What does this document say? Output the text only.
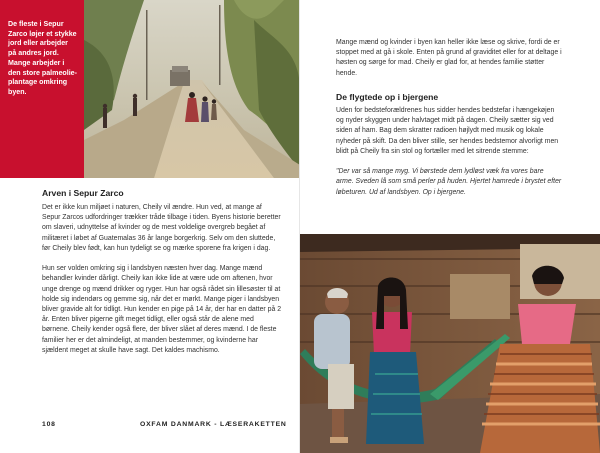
De fleste i Sepur Zarco løjer et stykke jord eller arbejder på andres jord. Mange arbejder i den store palmeolie-plantage omkring byen.
Arven i Sepur Zarco

Det er ikke kun miljøet i naturen, Cheily vil ændre. Hun ved, at mange af Sepur Zarcos udfordringer trækker tråde tilbage i tiden. Byens historie beretter om slaveri, udnyttelse af kvinder og de mest voldelige overgreb begået af militæret i løbet af Guatemalas 36 år lange borgerkrig. Selv om den sluttede, før Cheily blev født, kan hun tydeligt se og mærke sporene fra krigen i dag.

Hun ser volden omkring sig i landsbyen næsten hver dag. Mange mænd behandler kvinder dårligt. Cheily kan ikke lide at være ude om aftenen, hvor unge drenge og mænd drikker og ryger. Hun har også rådet sin lillesøster til at holde sig indendørs og gemme sig, når det er mørkt. Mange piger i landsbyen bliver gravide alt for tidligt. Hun kender en pige på 14 år, der har en datter på 2 år. Enten bliver pigerne gift meget tidligt, eller også står de alene med børnene. Cheily kender også flere, der bliver slået af deres mænd. I de fleste familier her er det almindeligt, at manden bestemmer, og kvinderne har sjældent meget at skulle have sagt. Det kaldes machismo.

108	OXFAM DANMARK - LÆSERAKETTEN

Mange mænd og kvinder i byen kan heller ikke læse og skrive, fordi de er stoppet med at gå i skole. Enten på grund af graviditet eller for at deltage i høsten og sørge for mad. Cheily er glad for, at hendes familie støtter hende.

De flygtede op i bjergene

Uden for bedsteforældrenes hus sidder hendes bedstefar i hængekøjen og nyder skyggen under halvtaget midt på dagen. Cheily sætter sig ved siden af ham. Bag dem skratter radioen højlydt med musik og lokale nyheder på skift. Da den bliver stille, ser hendes bedstemor alvorligt men blidt på Cheily fra sin stol og fortæller med let sitrende stemme:

"Der var så mange myg. Vi børstede dem lydløst væk fra vores bare arme. Sveden lå som små perler på huden. Hjertet hamrede i brystet efter løbeturen. Ud af landsbyen. Op i bjergene.
